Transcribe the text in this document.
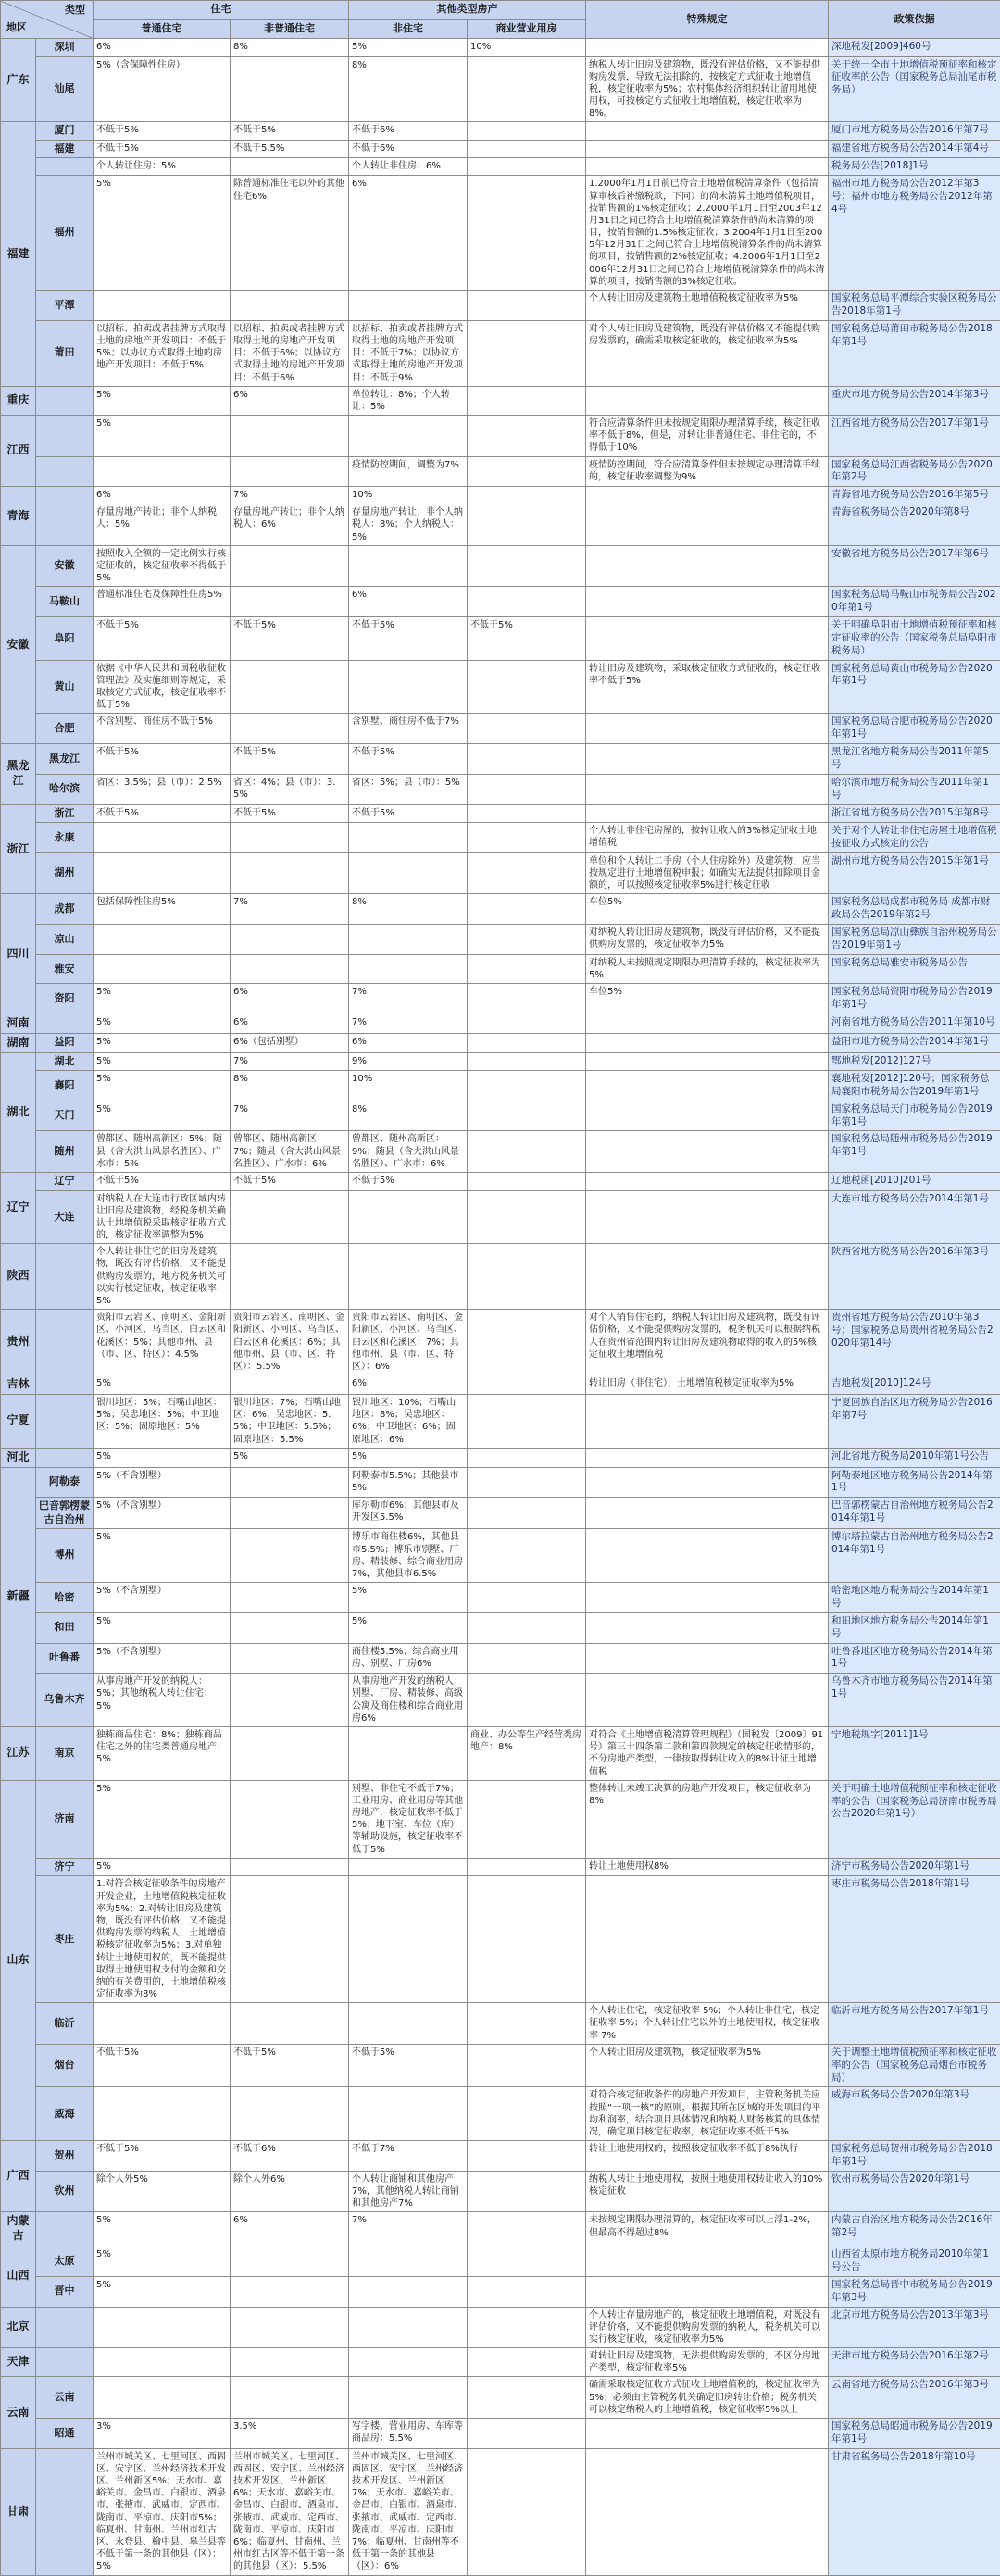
类型
地区		住宅		其他类型房产		特殊规定	政策依据
		普通住宅	非普通住宅	非住宅	商业营业用房		
广东	深圳	6%	8%	5%	10%		深地税发[2009]460号
	汕尾	5%（含保障性住房）		8%		纳税人转让旧房及建筑物，既没有评估价格，又不能提供购房发票，导致无法扣除的，按核定方式征收土地增值税，核定征收率为5%；农村集体经济组织转让留用地使用权，可按核定方式征收土地增值税，核定征收率为8%。	关于统一全市土地增值税预征率和核定征收率的公告（国家税务总局汕尾市税务局）
福建	厦门	不低于5%	不低于5%	不低于6%			厦门市地方税务局公告2016年第7号
	福建	不低于5%	不低于5.5%	不低于6%			福建省地方税务局公告2014年第4号
		个人转让住房：5%		个人转让非住房：6%			税务局公告[2018]1号
	福州	5%	除普通标准住宅以外的其他住宅6%	6%		1.2000年1月1日前已符合土地增值税清算条件（包括清算审核后补缴税款，下同）的尚未清算土地增值税项目，按销售额的1%核定征收；2.2000年1月1日至2003年12月31日之间已符合土地增值税清算条件的尚未清算的项目，按销售额的1.5%核定征收；3.2004年1月1日至2005年12月31日之间已符合土地增值税清算条件的尚未清算的项目，按销售额的2%核定征收；4.2006年1月1日至2006年12月31日之间已符合土地增值税清算条件的尚未清算的项目，按销售额的3%核定征收。	福州市地方税务局公告2012年第3号；福州市地方税务局公告2012年第4号
	平潭					个人转让旧房及建筑物土地增值税核定征收率为5%	国家税务总局平潭综合实验区税务局公告2018年第1号
	莆田	以招标、拍卖或者挂牌方式取得土地的房地产开发项目：不低于5%；以协议方式取得土地的房地产开发项目：不低于5%	以招标、拍卖或者挂牌方式取得土地的房地产开发项目：不低于6%；以协议方式取得土地的房地产开发项目：不低于6%	以招标、拍卖或者挂牌方式取得土地的房地产开发项目：不低于7%；以协议方式取得土地的房地产开发项目：不低于9%		对个人转让旧房及建筑物，既没有评估价格又不能提供购房发票的，确需采取核定征收的，核定征收率为5%	国家税务总局莆田市税务局公告2018年第1号
重庆		5%	6%	单位转让：8%；个人转让：5%			重庆市地方税务局公告2014年第3号
江西		5%				符合应清算条件但未按规定期限办理清算手续，核定征收率不低于8%，但是，对转让非普通住宅、非住宅的，不得低于10%	江西省地方税务局公告2017年第1号
				疫情防控期间，调整为7%		疫情防控期间，符合应清算条件但未按规定办理清算手续的，核定征收率调整为9%	国家税务总局江西省税务局公告2020年第2号
青海		6%	7%	10%			青海省地方税务局公告2016年第5号
		存量房地产转让；非个人纳税人：5%	存量房地产转让；非个人纳税人：6%	存量房地产转让；非个人纳税人：8%；个人纳税人：5%			青海省税务局公告2020年第8号
安徽	安徽	按照收入全额的一定比例实行核定征收的，核定征收率不得低于5%					安徽省地方税务局公告2017年第6号
	马鞍山	普通标准住宅及保障性住房5%		6%			国家税务总局马鞍山市税务局公告2020年第1号
	阜阳	不低于5%	不低于5%	不低于5%	不低于5%		关于明确阜阳市土地增值税预征率和核定征收率的公告（国家税务总局阜阳市税务局）
	黄山	依据《中华人民共和国税收征收管理法》及实施细则等规定，采取核定方式征收，核定征收率不低于5%				转让旧房及建筑物，采取核定征收方式征收的，核定征收率不低于5%	国家税务总局黄山市税务局公告2020年第1号
	合肥	不含别墅、商住房不低于5%		含别墅、商住房不低于7%			国家税务总局合肥市税务局公告2020年第1号
黑龙江	黑龙江	不低于5%	不低于5%	不低于5%			黑龙江省地方税务局公告2011年第5号
	哈尔滨	省区：3.5%；县（市）：2.5%	省区：4%；县（市）：3.5%	省区：5%；县（市）：5%			哈尔滨市地方税务局公告2011年第1号
浙江	浙江	不低于5%	不低于5%	不低于5%			浙江省地方税务局公告2015年第8号
	永康					个人转让非住宅房屋的，按转让收入的3%核定征收土地增值税	关于对个人转让非住宅房屋土地增值税按征收方式核定的公告
	湖州					单位和个人转让二手房（个人住房除外）及建筑物，应当按规定进行土地增值税申报；如确实无法提供扣除项目金额的，可以按照核定征收率5%进行核定征收	湖州市地方税务局公告2015年第1号
四川	成都	包括保障性住房5%	7%	8%		车位5%	国家税务总局成都市税务局 成都市财政局公告2019年第2号
	凉山					对纳税人转让旧房及建筑物，既没有评估价格，又不能提供购房发票的，核定征收率为5%	国家税务总局凉山彝族自治州税务局公告2019年第1号
	雅安					对纳税人未按照规定期限办理清算手续的，核定征收率为5%	国家税务总局雅安市税务局公告
	资阳	5%	6%	7%		车位5%	国家税务总局资阳市税务局公告2019年第1号
河南		5%	6%	7%			河南省地方税务局公告2011年第10号
湖南	益阳	5%	6%（包括别墅）	6%			益阳市地方税务局公告2014年第1号
湖北	湖北	5%	7%	9%			鄂地税发[2012]127号
	襄阳	5%	8%	10%			襄地税发[2012]120号；国家税务总局襄阳市税务局公告2019年第1号
	天门	5%	7%	8%			国家税务总局天门市税务局公告2019年第1号
	随州	曾都区、随州高新区：5%；随县（含大洪山风景名胜区）、广水市：5%	曾都区、随州高新区：7%；随县（含大洪山风景名胜区）、广水市：6%	曾都区、随州高新区：9%；随县（含大洪山风景名胜区）、广水市：6%			国家税务总局随州市税务局公告2019年第1号
辽宁	辽宁	不低于5%	不低于5%	不低于5%			辽地税函[2010]201号
	大连	对纳税人在大连市行政区域内转让旧房及建筑物，经税务机关确认土地增值税采取核定征收方式的，核定征收率调整为5%					大连市地方税务局公告2014年第1号
陕西		个人转让非住宅的旧房及建筑物，既没有评估价格，又不能提供购房发票的，地方税务机关可以实行核定征收，核定征收率5%					陕西省地方税务局公告2016年第3号
贵州		贵阳市云岩区、南明区、金阳新区、小河区、乌当区、白云区和花溪区：5%；其他市州、县（市、区、特区）：4.5%	贵阳市云岩区、南明区、金阳新区、小河区、乌当区、白云区和花溪区：6%；其他市州、县（市、区、特区）：5.5%	贵阳市云岩区、南明区、金阳新区、小河区、乌当区、白云区和花溪区：7%；其他市州、县（市、区、特区）：6%		对个人销售住宅的，纳税人转让旧房及建筑物，既没有评估价格，又不能提供购房发票的，税务机关可以根据纳税人在贵州省范围内转让旧房及建筑物取得的收入的5%核定征收土地增值税	贵州省地方税务局公告2010年第3号；国家税务总局贵州省税务局公告2020年第14号
吉林		5%		6%		转让旧房（非住宅），土地增值税核定征收率为5%	吉地税发[2010]124号
宁夏		银川地区：5%；石嘴山地区：5%；吴忠地区：5%；中卫地区：5%；固原地区：5%	银川地区：7%；石嘴山地区：6%；吴忠地区：5.5%；中卫地区：5.5%；固原地区：5.5%	银川地区：10%；石嘴山地区：8%；吴忠地区：6%；中卫地区：6%；固原地区：6%			宁夏回族自治区地方税务局公告2016年第7号
河北		5%	5%	5%			河北省地方税务局2010年第1号公告
新疆	阿勒泰	5%（不含别墅）		阿勒泰市5.5%；其他县市5%			阿勒泰地区地方税务局公告2014年第1号
	巴音郭楞蒙古自治州	5%（不含别墅）		库尔勒市6%；其他县市及开发区5.5%			巴音郭楞蒙古自治州地方税务局公告2014年第1号
	博州	5%		博乐市商住楼6%，其他县市5.5%；博乐市别墅、厂房、精装修、综合商业用房7%，其他县市6.5%			博尔塔拉蒙古自治州地方税务局公告2014年第1号
	哈密	5%（不含别墅）		5%			哈密地区地方税务局公告2014年第1号
	和田	5%		5%			和田地区地方税务局公告2014年第1号
	吐鲁番	5%（不含别墅）		商住楼5.5%；综合商业用房、别墅、厂房6%			吐鲁番地区地方税务局公告2014年第1号
	乌鲁木齐	从事房地产开发的纳税人：5%；其他纳税人转让住宅：5%		从事房地产开发的纳税人：别墅、厂房、精装修、高级公寓及商住楼和综合商业用房6%			乌鲁木齐市地方税务局公告2014年第1号
江苏	南京	独栋商品住宅：8%；独栋商品住宅之外的住宅类普通房地产：5%			商业、办公等生产经营类房地产：8%	对符合《土地增值税清算管理规程》（国税发〔2009〕91号）第三十四条第二款和第四款规定的核定征收情形的，不分房地产类型，一律按取得转让收入的8%计征土地增值税	宁地税规字[2011]1号
山东	济南	5%		别墅、非住宅不低于7%；工业用房、商业用房等其他房地产，核定征收率不低于5%；地下室、车位（库）等辅助设施，核定征收率不低于5%		整体转让未竣工决算的房地产开发项目，核定征收率为8%	关于明确土地增值税预征率和核定征收率的公告（国家税务总局济南市税务局公告2020年第1号）
	济宁	5%				转让土地使用权8%	济宁市税务局公告2020年第1号
	枣庄	1.对符合核定征收条件的房地产开发企业，土地增值税核定征收率为5%；2.对转让旧房及建筑物，既没有评估价格，又不能提供购房发票的纳税人，土地增值税核定征收率为5%；3.对单独转让土地使用权的，既不能提供取得土地使用权支付的金额和交纳的有关费用的，土地增值税核定征收率为8%					枣庄市税务局公告2018年第1号
	临沂					个人转让住宅，核定征收率 5%；个人转让非住宅，核定征收率 5%；个人转让住宅以外的土地使用权，核定征收率 7%	临沂市地方税务局公告2017年第1号
	烟台	不低于5%	不低于5%	不低于5%		个人转让旧房及建筑物，核定征收率为5%	关于调整土地增值税预征率和核定征收率的公告（国家税务总局烟台市税务局）
	威海					对符合核定征收条件的房地产开发项目，主管税务机关应按照“一项一核”的原则，根据其所在区域的开发项目的平均利润率，结合项目具体情况和纳税人财务核算的具体情况，确定项目核定征收率，核定征收率不低于5%	威海市税务局公告2020年第3号
广西	贺州	不低于5%	不低于6%	不低于7%		转让土地使用权的，按照核定征收率不低于8%执行	国家税务总局贺州市税务局公告2018年第1号
	钦州	除个人外5%	除个人外6%	个人转让商铺和其他房产7%，其他纳税人转让商铺和其他房产7%		纳税人转让土地使用权，按照土地使用权转让收入的10%核定征收	钦州市税务局公告2020年第1号
内蒙古		5%	6%	7%		未按规定期限办理清算的，核定征收率可以上浮1-2%，但最高不得超过8%	内蒙古自治区地方税务局公告2016年第2号
山西	太原	5%					山西省太原市地方税务局2010年第1号公告
	晋中	5%					国家税务总局晋中市税务局公告2019年第3号
北京						个人转让存量房地产的，核定征收土地增值税，对既没有评估价格，又不能提供购房发票的纳税人，税务机关可以实行核定征收，核定征收率为5%	北京市地方税务局公告2013年第3号
天津						对转让旧房及建筑物，无法提供购房发票的，不区分房地产类型，核定征收率5%	天津市地方税务局公告2016年第2号
云南	云南					确需采取核定征收方式征收土地增值税的，核定征收率为5%；必须由主管税务机关确定旧房转让价格；税务机关可以核定纳税人的土地增值税，核定征收率5%以上	云南省地方税务局公告2016年第3号
	昭通	3%	3.5%	写字楼、营业用房、车库等商品房：5.5%			国家税务总局昭通市税务局公告2019年第1号
甘肃		兰州市城关区、七里河区、西固区、安宁区、兰州经济技术开发区、兰州新区5%；天水市、嘉峪关市、金昌市、白银市、酒泉市、张掖市、武威市、定西市、陇南市、平凉市、庆阳市5%；临夏州、甘南州、兰州市红古区、永登县、榆中县、皋兰县等不低于第一条的其他县（区）：5%	兰州市城关区、七里河区、西固区、安宁区、兰州经济技术开发区、兰州新区6%；天水市、嘉峪关市、金昌市、白银市、酒泉市、张掖市、武威市、定西市、陇南市、平凉市、庆阳市6%；临夏州、甘南州、兰州市红古区等不低于第一条的其他县（区）：5.5%	兰州市城关区、七里河区、西固区、安宁区、兰州经济技术开发区、兰州新区7%；天水市、嘉峪关市、金昌市、白银市、酒泉市、张掖市、武威市、定西市、陇南市、平凉市、庆阳市7%；临夏州、甘南州等不低于第一条的其他县（区）：6%			甘肃省税务局公告2018年第10号
